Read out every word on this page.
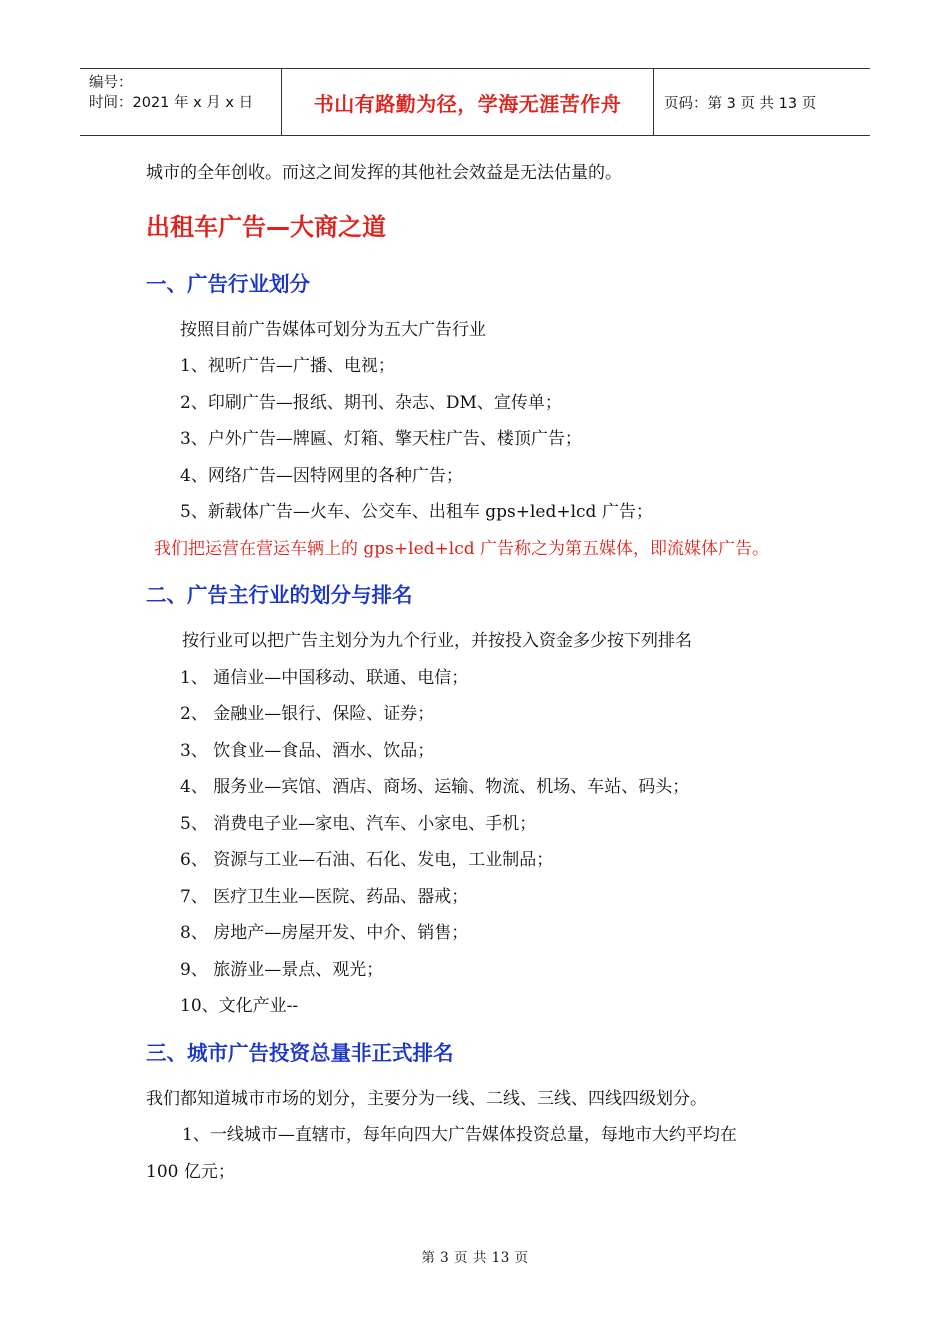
编号：
时间：2021 年 x 月 x 日	书山有路勤为径，学海无涯苦作舟	页码：第 3 页 共 13 页

城市的全年创收。而这之间发挥的其他社会效益是无法估量的。

出租车广告—大商之道
一、广告行业划分

按照目前广告媒体可划分为五大广告行业

1、视听广告—广播、电视；

2、印刷广告—报纸、期刊、杂志、DM、宣传单；

3、户外广告—牌匾、灯箱、擎天柱广告、楼顶广告；

4、网络广告—因特网里的各种广告；

5、新载体广告—火车、公交车、出租车 gps+led+lcd 广告；

我们把运营在营运车辆上的 gps+led+lcd 广告称之为第五媒体，即流媒体广告。

二、广告主行业的划分与排名

按行业可以把广告主划分为九个行业，并按投入资金多少按下列排名

1、 通信业—中国移动、联通、电信；

2、 金融业—银行、保险、证券；

3、 饮食业—食品、酒水、饮品；

4、 服务业—宾馆、酒店、商场、运输、物流、机场、车站、码头；

5、 消费电子业—家电、汽车、小家电、手机；

6、 资源与工业—石油、石化、发电，工业制品；

7、 医疗卫生业—医院、药品、器戒；

8、 房地产—房屋开发、中介、销售；

9、 旅游业—景点、观光；

10、文化产业--

三、城市广告投资总量非正式排名

我们都知道城市市场的划分，主要分为一线、二线、三线、四线四级划分。

1、一线城市—直辖市，每年向四大广告媒体投资总量，每地市大约平均在

100 亿元；

第 3 页 共 13 页
